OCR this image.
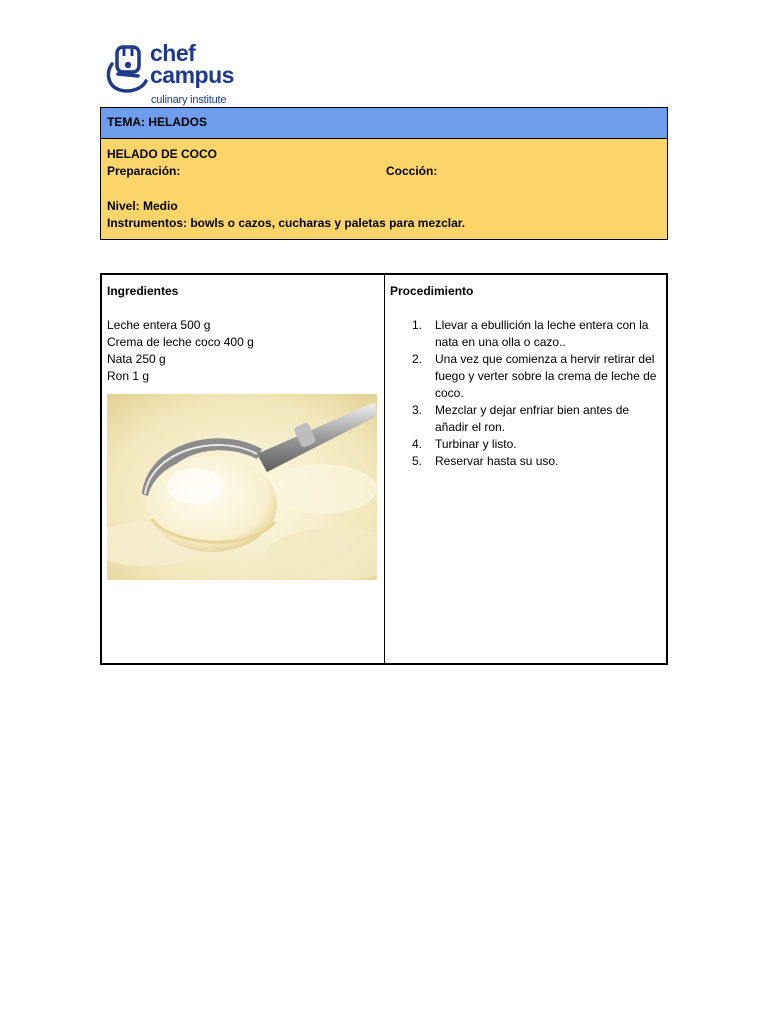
chef
campus
culinary institute
TEMA: HELADOS
HELADO DE COCO
Preparación:	Cocción:
Nivel: Medio
Instrumentos: bowls o cazos, cucharas y paletas para mezclar.
Ingredientes
Leche entera 500 g
Crema de leche coco 400 g
Nata 250 g
Ron 1 g
Procedimiento
1. Llevar a ebullición la leche entera con la nata en una olla o cazo..
2. Una vez que comienza a hervir retirar del fuego y verter sobre la crema de leche de coco.
3. Mezclar y dejar enfriar bien antes de añadir el ron.
4. Turbinar y listo.
5. Reservar hasta su uso.
